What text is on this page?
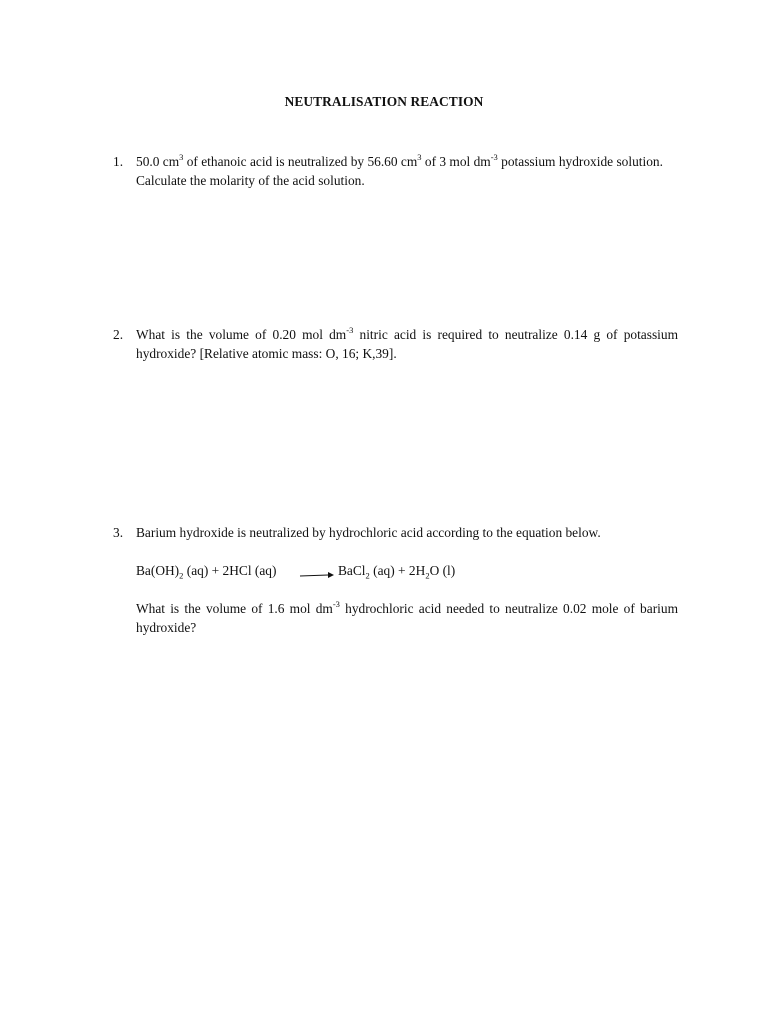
NEUTRALISATION REACTION
1. 50.0 $cm^3$ of ethanoic acid is neutralized by 56.60 $cm^3$ of 3 mol $dm^{-3}$ potassium hydroxide solution.
Calculate the molarity of the acid solution.
2. What is the volume of 0.20 mol $dm^{-3}$ nitric acid is required to neutralize 0.14 g of potassium hydroxide? [Relative atomic mass: O, 16; K,39].
3. Barium hydroxide is neutralized by hydrochloric acid according to the equation below.
$Ba(OH)_2$ (aq) + 2HCl (aq)	BaCl$_2$ $(aq) + 2H_2O$ (l)
What is the volume of 1.6 mol $dm^{-3}$ hydrochloric acid needed to neutralize 0.02 mole of barium hydroxide?
